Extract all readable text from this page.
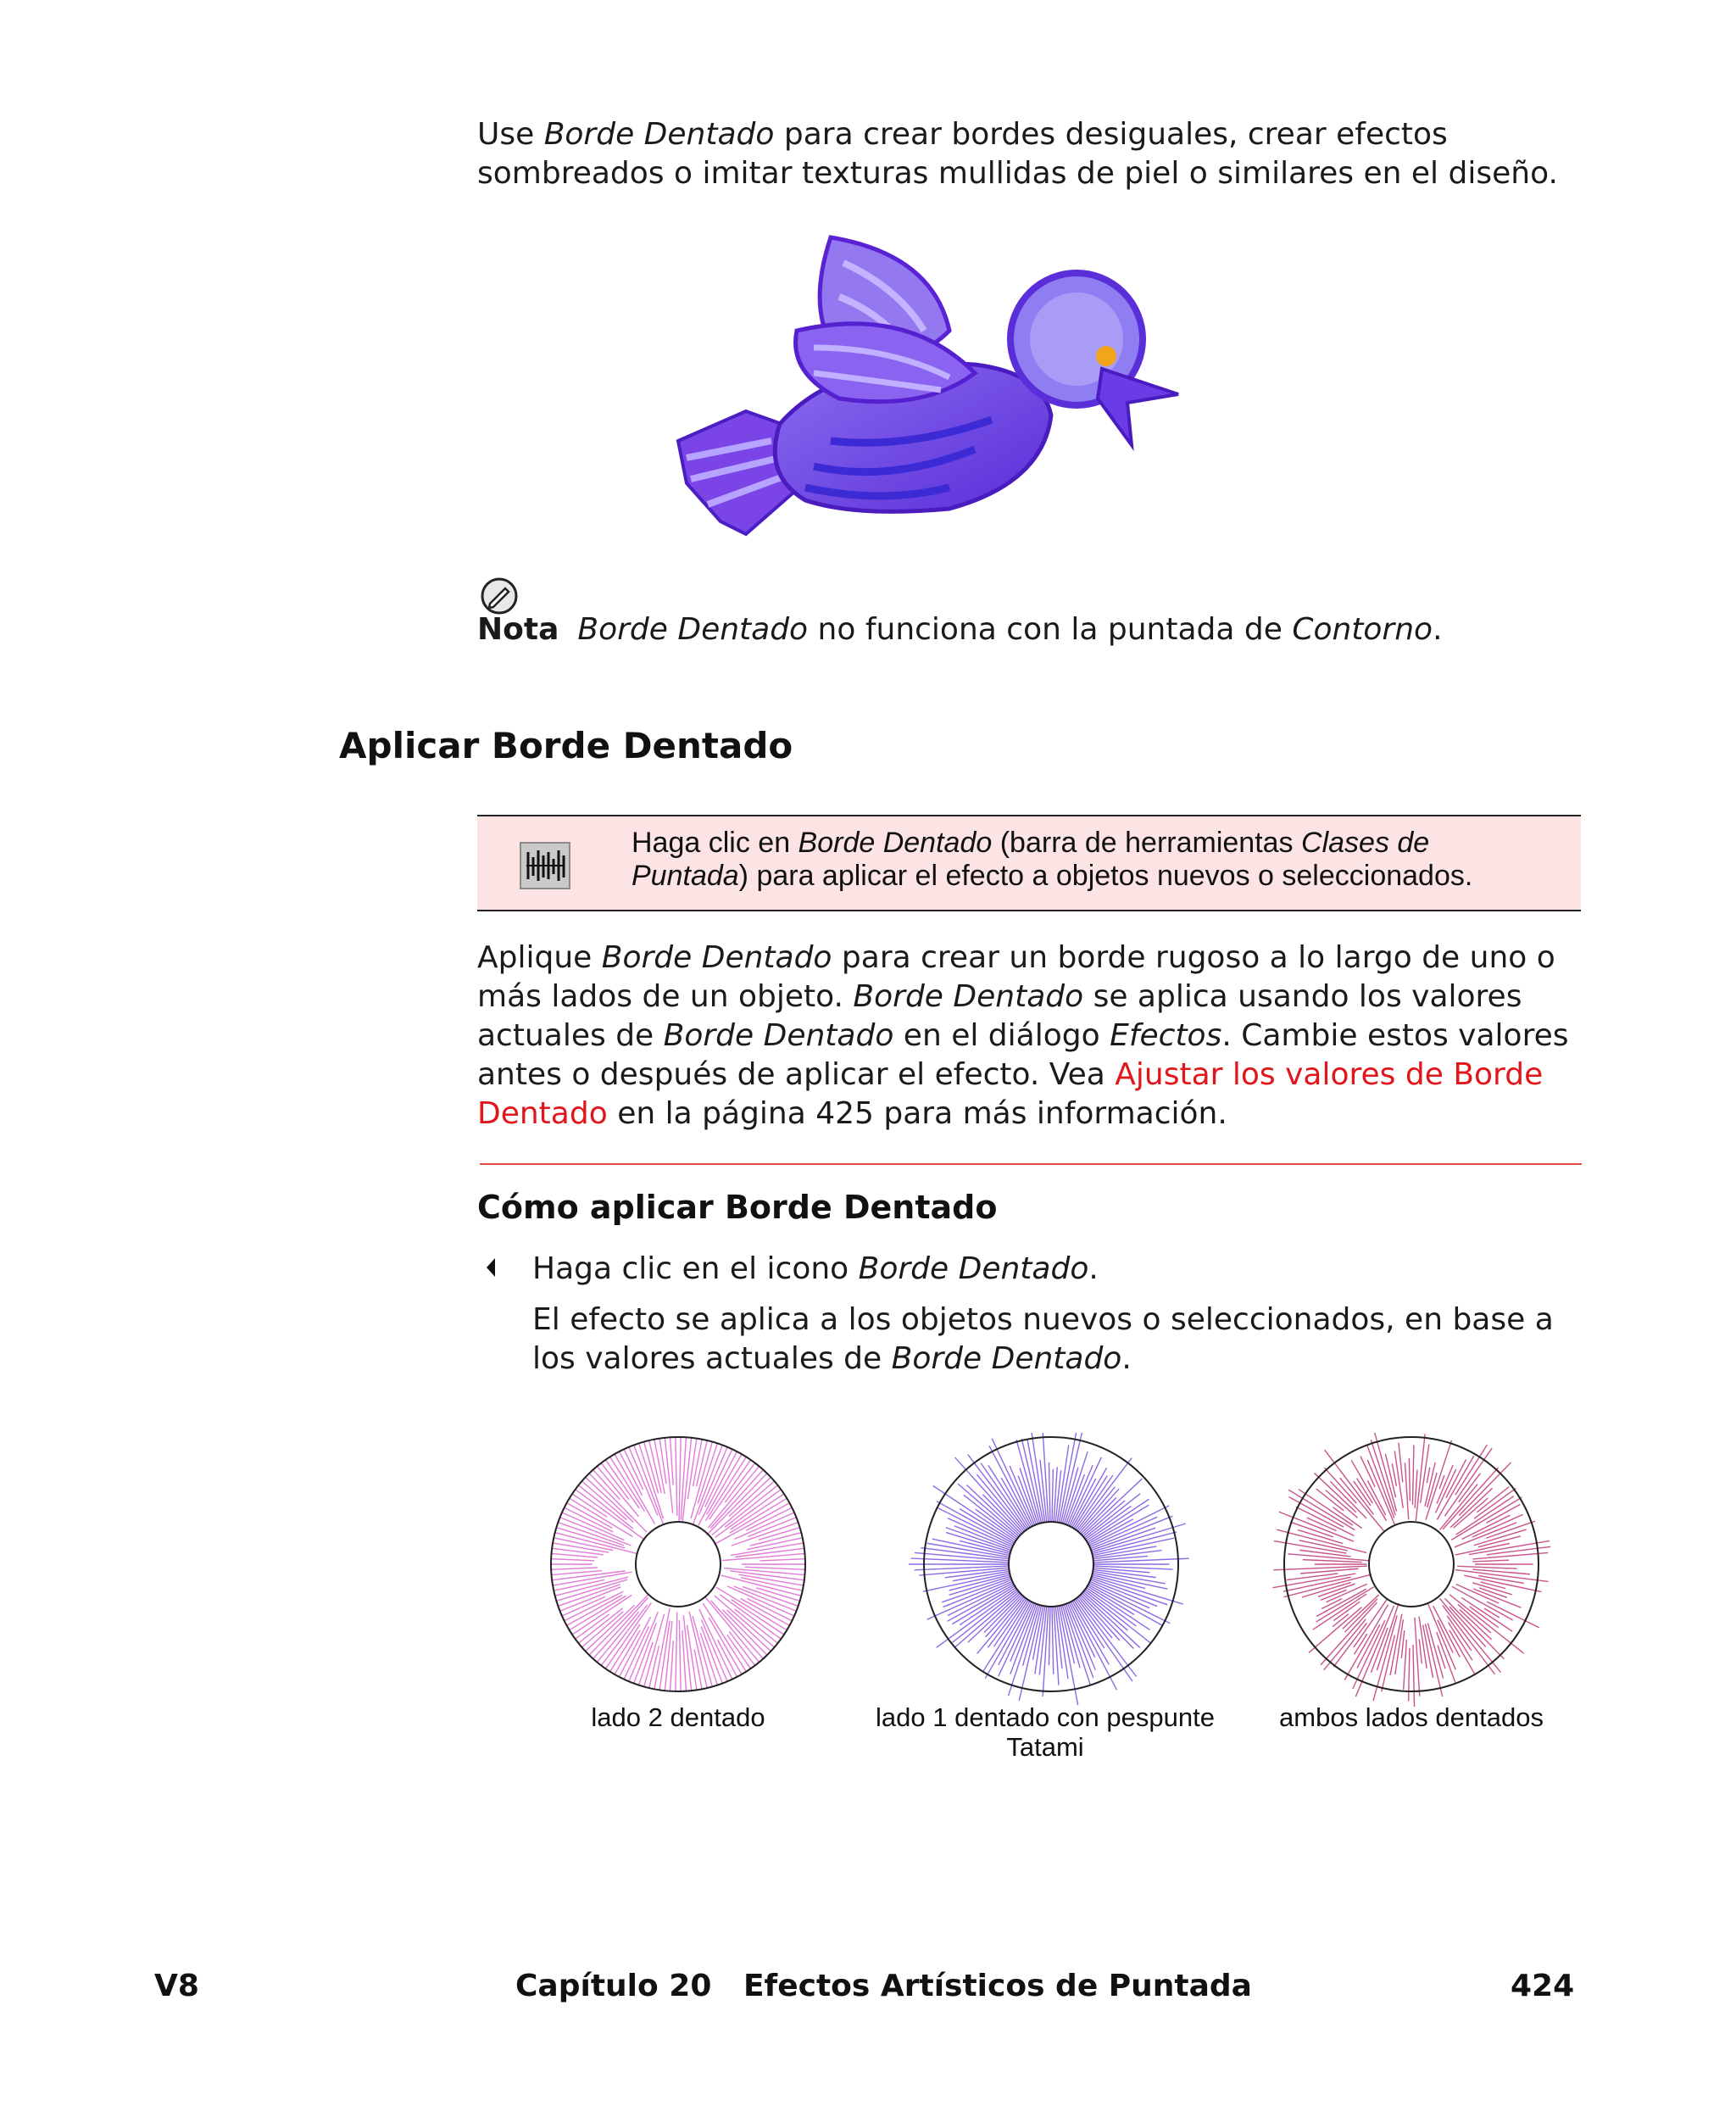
Use Borde Dentado para crear bordes desiguales, crear efectos sombreados o imitar texturas mullidas de piel o similares en el diseño.
Nota Borde Dentado no funciona con la puntada de Contorno.
Aplicar Borde Dentado
Haga clic en Borde Dentado (barra de herramientas Clases de Puntada) para aplicar el efecto a objetos nuevos o seleccionados.
Aplique Borde Dentado para crear un borde rugoso a lo largo de uno o más lados de un objeto. Borde Dentado se aplica usando los valores actuales de Borde Dentado en el diálogo Efectos. Cambie estos valores antes o después de aplicar el efecto. Vea Ajustar los valores de Borde Dentado en la página 425 para más información.
Cómo aplicar Borde Dentado
Haga clic en el icono Borde Dentado.
El efecto se aplica a los objetos nuevos o seleccionados, en base a los valores actuales de Borde Dentado.
lado 2 dentado	lado 1 dentado con pespunte Tatami
ambos lados dentados
V8	Capítulo 20   Efectos Artísticos de Puntada	424
